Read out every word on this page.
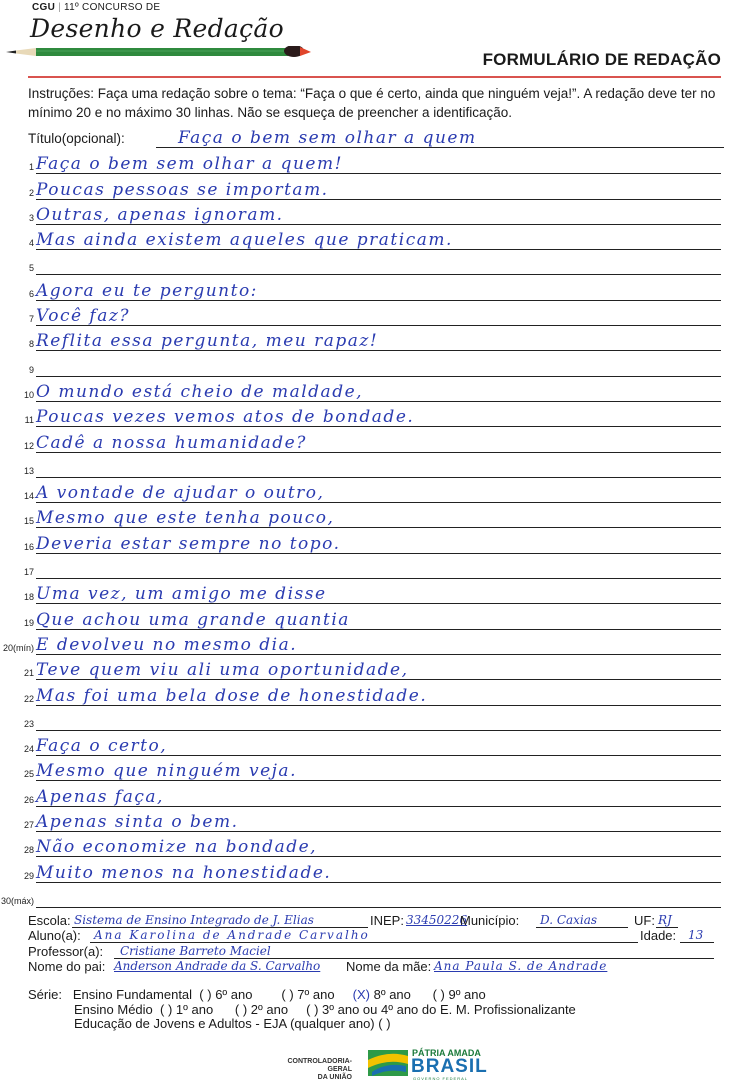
CGU | 11º CONCURSO DE
Desenho e Redação
FORMULÁRIO DE REDAÇÃO
Instruções: Faça uma redação sobre o tema: “Faça o que é certo, ainda que ninguém veja!”. A redação deve ter no mínimo 20 e no máximo 30 linhas. Não se esqueça de preencher a identificação.
Título(opcional):	Faça o bem sem olhar a quem
1 Faça o bem sem olhar a quem!
2 Poucas pessoas se importam.
3 Outras, apenas ignoram.
4 Mas ainda existem aqueles que praticam.
5
6 Agora eu te pergunto:
7 Você faz?
8 Reflita essa pergunta, meu rapaz!
9
10 O mundo está cheio de maldade,
11 Poucas vezes vemos atos de bondade.
12 Cadê a nossa humanidade?
13
14 A vontade de ajudar o outro,
15 Mesmo que este tenha pouco,
16 Deveria estar sempre no topo.
17
18 Uma vez, um amigo me disse
19 Que achou uma grande quantia
20(mín) E devolveu no mesmo dia.
21 Teve quem viu ali uma oportunidade,
22 Mas foi uma bela dose de honestidade.
23
24 Faça o certo,
25 Mesmo que ninguém veja.
26 Apenas faça,
27 Apenas sinta o bem.
28 Não economize na bondade,
29 Muito menos na honestidade.
30(máx)
Escola: Sistema de Ensino Integrado de J. Elias	INEP: 33450226
Município: D. Caxias	UF: RJ
Aluno(a): Ana Karolina de Andrade Carvalho	Idade: 13
Professor(a): Cristiane Barreto Maciel
Nome do pai: Anderson Andrade da S. Carvalho Nome da mãe: Ana Paula S. de Andrade
Série: Ensino Fundamental ( ) 6º ano ( ) 7º ano (X) 8º ano ( ) 9º ano
Ensino Médio ( ) 1º ano ( ) 2º ano ( ) 3º ano ou 4º ano do E. M. Profissionalizante
Educação de Jovens e Adultos - EJA (qualquer ano) ( )
CONTROLADORIA-GERAL
DA UNIÃO
PÁTRIA AMADA
BRASIL
GOVERNO FEDERAL
